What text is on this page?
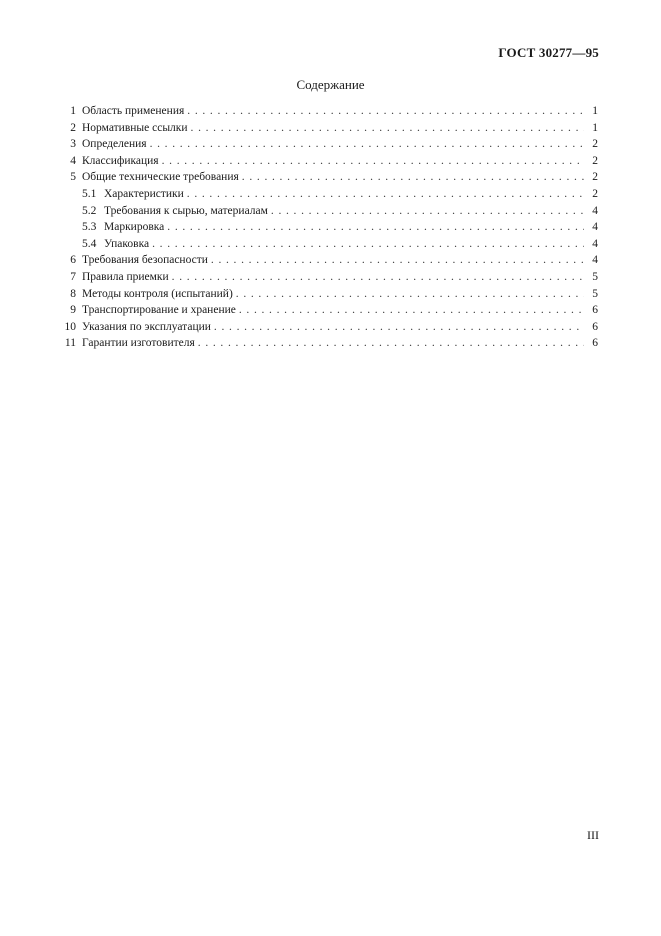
ГОСТ 30277—95
Содержание
1 Область применения . . .	1
2 Нормативные ссылки . . .	1
3 Определения . . .	2
4 Классификация . . .	2
5 Общие технические требования . . .	2
5.1 Характеристики . . .	2
5.2 Требования к сырью, материалам . . .	4
5.3 Маркировка . . .	4
5.4 Упаковка . . .	4
6 Требования безопасности . . .	4
7 Правила приемки . . .	5
8 Методы контроля (испытаний) . . .	5
9 Транспортирование и хранение . . .	6
10 Указания по эксплуатации . . .	6
11 Гарантии изготовителя . . .	6
III
